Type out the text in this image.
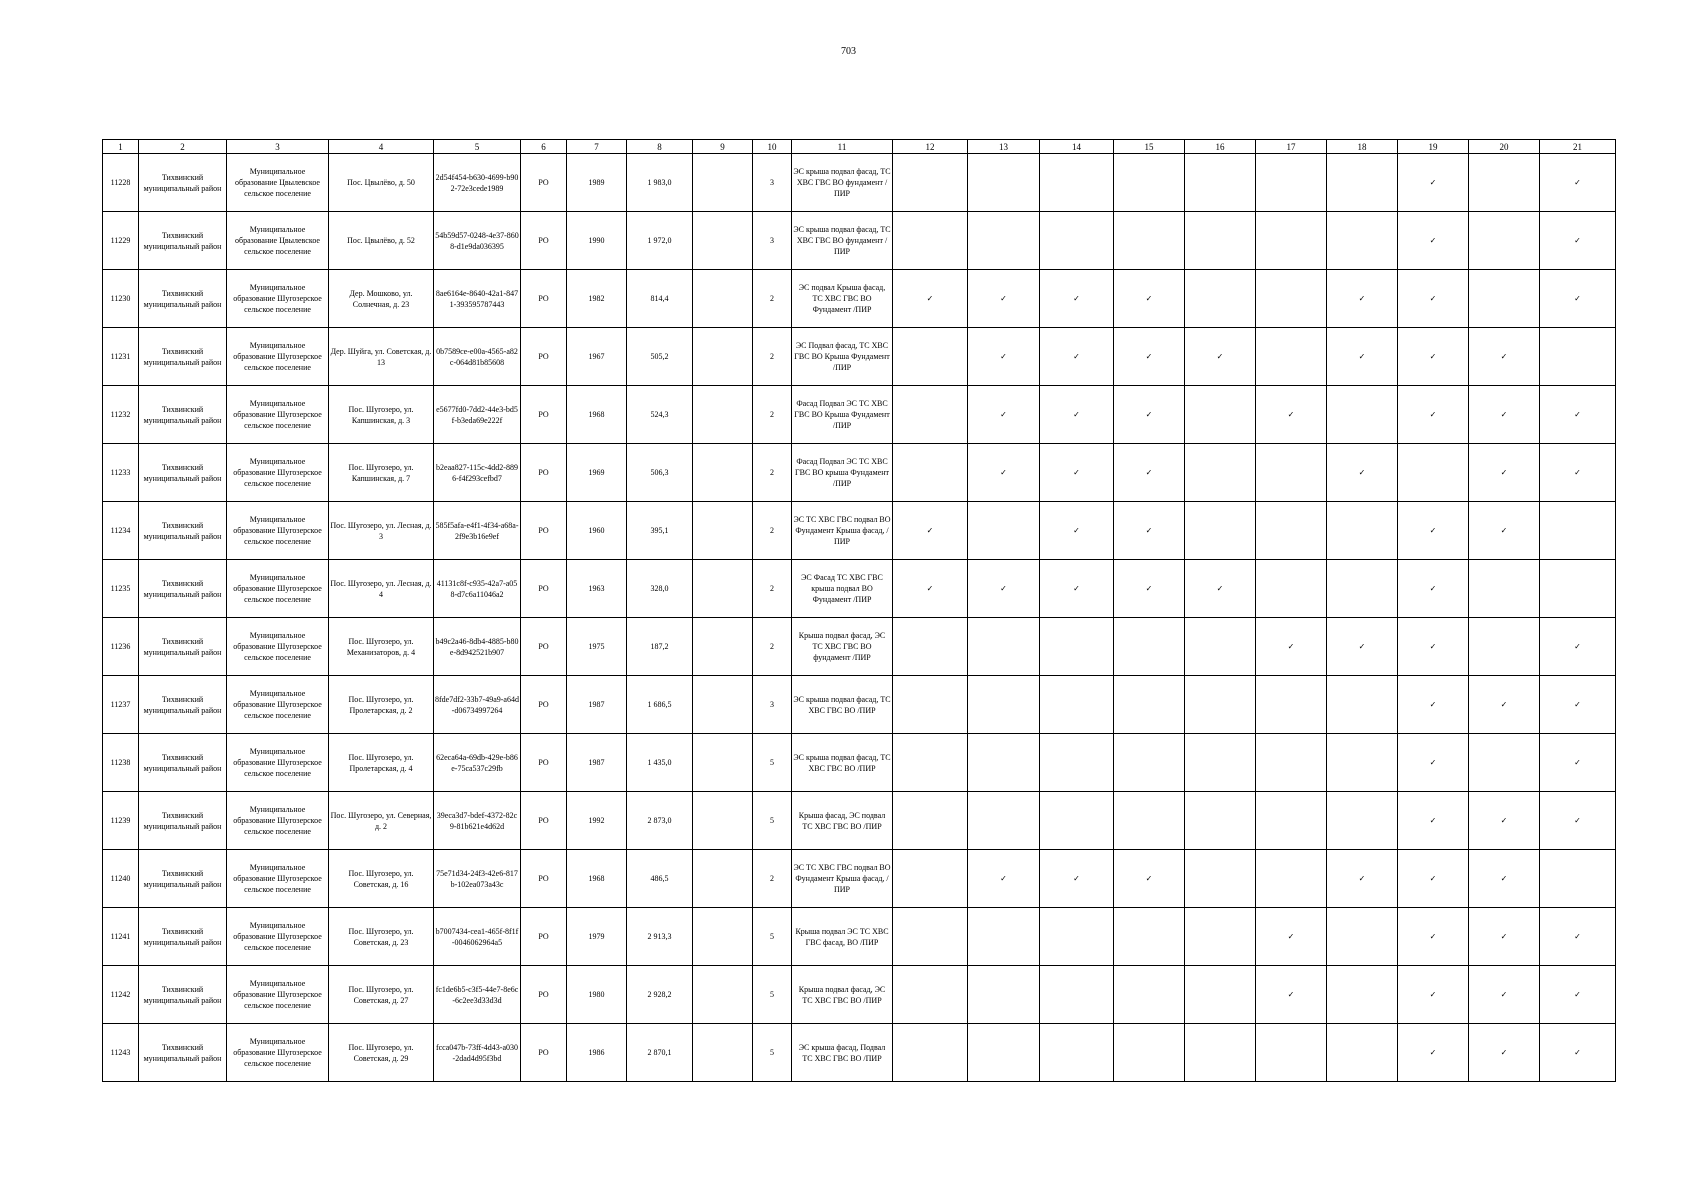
703
1	2	3	4	5	6	7	8	9	10	11	12	13	14	15	16	17	18	19	20	21
11228	Тихвинский муниципальный район	Муниципальное образование Цвылевское сельское поселение	Пос. Цвылёво, д. 50	2d54f454-b630-4699-b902-72e3cede1989	РО	1989	1 983,0		3	ЭС крыша подвал фасад, ТС ХВС ГВС ВО фундамент /ПИР								✓		✓
11229	Тихвинский муниципальный район	Муниципальное образование Цвылевское сельское поселение	Пос. Цвылёво, д. 52	54b59d57-0248-4e37-8608-d1e9da036395	РО	1990	1 972,0		3	ЭС крыша подвал фасад, ТС ХВС ГВС ВО фундамент /ПИР								✓		✓
11230	Тихвинский муниципальный район	Муниципальное образование Шугозерское сельское поселение	Дер. Мошково, ул. Солнечная, д. 23	8ae6164e-8640-42a1-8471-393595787443	РО	1982	814,4		2	ЭС подвал Крыша фасад, ТС ХВС ГВС ВО Фундамент /ПИР	✓	✓	✓	✓			✓	✓		✓
11231	Тихвинский муниципальный район	Муниципальное образование Шугозерское сельское поселение	Дер. Шуйга, ул. Советская, д. 13	0b7589ce-e00a-4565-a82c-064d81b85608	РО	1967	505,2		2	ЭС Подвал фасад, ТС ХВС ГВС ВО Крыша Фундамент /ПИР		✓	✓	✓	✓		✓	✓	✓	
11232	Тихвинский муниципальный район	Муниципальное образование Шугозерское сельское поселение	Пос. Шугозеро, ул. Капшинская, д. 3	e5677fd0-7dd2-44e3-bd5f-b3eda69e222f	РО	1968	524,3		2	Фасад Подвал ЭС ТС ХВС ГВС ВО Крыша Фундамент /ПИР		✓	✓	✓		✓		✓	✓	✓
11233	Тихвинский муниципальный район	Муниципальное образование Шугозерское сельское поселение	Пос. Шугозеро, ул. Капшинская, д. 7	b2eaa827-115c-4dd2-8896-f4f293cefbd7	РО	1969	506,3		2	Фасад Подвал ЭС ТС ХВС ГВС ВО крыша Фундамент /ПИР		✓	✓	✓			✓		✓	✓
11234	Тихвинский муниципальный район	Муниципальное образование Шугозерское сельское поселение	Пос. Шугозеро, ул. Лесная, д. 3	585f5afa-e4f1-4f34-a68a-2f9e3b16e9ef	РО	1960	395,1		2	ЭС ТС ХВС ГВС подвал ВО Фундамент Крыша фасад, /ПИР	✓		✓	✓				✓	✓	
11235	Тихвинский муниципальный район	Муниципальное образование Шугозерское сельское поселение	Пос. Шугозеро, ул. Лесная, д. 4	41131c8f-c935-42a7-a058-d7c6a11046a2	РО	1963	328,0		2	ЭС Фасад ТС ХВС ГВС крыша подвал ВО Фундамент /ПИР	✓	✓	✓	✓	✓			✓		
11236	Тихвинский муниципальный район	Муниципальное образование Шугозерское сельское поселение	Пос. Шугозеро, ул. Механизаторов, д. 4	b49c2a46-8db4-4885-b80e-8d942521b907	РО	1975	187,2		2	Крыша подвал фасад, ЭС ТС ХВС ГВС ВО фундамент /ПИР						✓	✓	✓		✓
11237	Тихвинский муниципальный район	Муниципальное образование Шугозерское сельское поселение	Пос. Шугозеро, ул. Пролетарская, д. 2	8fde7df2-33b7-49a9-a64d-d06734997264	РО	1987	1 686,5		3	ЭС крыша подвал фасад, ТС ХВС ГВС ВО /ПИР								✓	✓	✓
11238	Тихвинский муниципальный район	Муниципальное образование Шугозерское сельское поселение	Пос. Шугозеро, ул. Пролетарская, д. 4	62eca64a-69db-429e-b86e-75ca537c29fb	РО	1987	1 435,0		5	ЭС крыша подвал фасад, ТС ХВС ГВС ВО /ПИР								✓		✓
11239	Тихвинский муниципальный район	Муниципальное образование Шугозерское сельское поселение	Пос. Шугозеро, ул. Северная, д. 2	39eca3d7-bdef-4372-82c9-81b621e4d62d	РО	1992	2 873,0		5	Крыша фасад, ЭС подвал ТС ХВС ГВС ВО /ПИР								✓	✓	✓
11240	Тихвинский муниципальный район	Муниципальное образование Шугозерское сельское поселение	Пос. Шугозеро, ул. Советская, д. 16	75e71d34-24f3-42e6-817b-102ea073a43c	РО	1968	486,5		2	ЭС ТС ХВС ГВС подвал ВО Фундамент Крыша фасад, /ПИР		✓	✓	✓			✓	✓	✓	
11241	Тихвинский муниципальный район	Муниципальное образование Шугозерское сельское поселение	Пос. Шугозеро, ул. Советская, д. 23	b7007434-cea1-465f-8f1f-0046062964a5	РО	1979	2 913,3		5	Крыша подвал ЭС ТС ХВС ГВС фасад, ВО /ПИР						✓		✓	✓	✓
11242	Тихвинский муниципальный район	Муниципальное образование Шугозерское сельское поселение	Пос. Шугозеро, ул. Советская, д. 27	fc1de6b5-c3f5-44e7-8e6c-6c2ee3d33d3d	РО	1980	2 928,2		5	Крыша подвал фасад, ЭС ТС ХВС ГВС ВО /ПИР						✓		✓	✓	✓
11243	Тихвинский муниципальный район	Муниципальное образование Шугозерское сельское поселение	Пос. Шугозеро, ул. Советская, д. 29	fcca047b-73ff-4d43-a030-2dad4d95f3bd	РО	1986	2 870,1		5	ЭС крыша фасад, Подвал ТС ХВС ГВС ВО /ПИР								✓	✓	✓
